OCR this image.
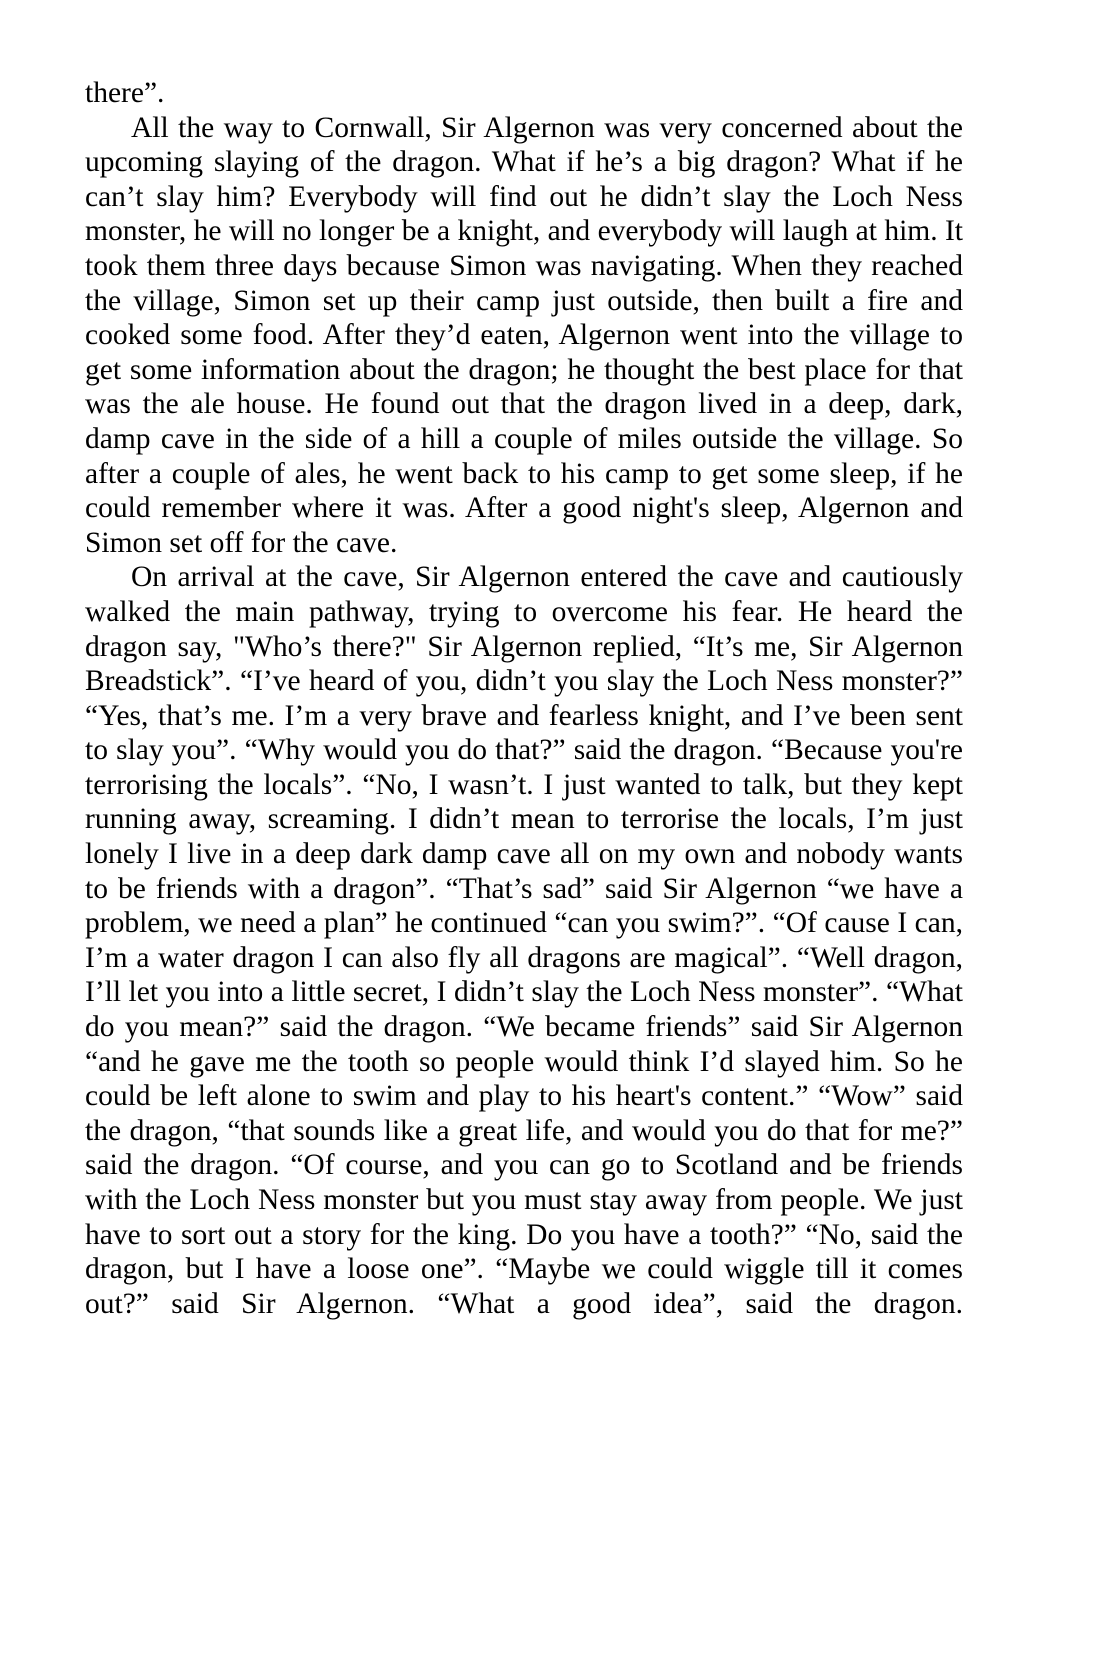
there”.

All the way to Cornwall, Sir Algernon was very concerned about the upcoming slaying of the dragon. What if he’s a big dragon? What if he can’t slay him? Everybody will find out he didn’t slay the Loch Ness monster, he will no longer be a knight, and everybody will laugh at him. It took them three days because Simon was navigating. When they reached the village, Simon set up their camp just outside, then built a fire and cooked some food. After they’d eaten, Algernon went into the village to get some information about the dragon; he thought the best place for that was the ale house. He found out that the dragon lived in a deep, dark, damp cave in the side of a hill a couple of miles outside the village. So after a couple of ales, he went back to his camp to get some sleep, if he could remember where it was. After a good night's sleep, Algernon and Simon set off for the cave.

On arrival at the cave, Sir Algernon entered the cave and cautiously walked the main pathway, trying to overcome his fear. He heard the dragon say, "Who’s there?" Sir Algernon replied, “It’s me, Sir Algernon Breadstick”. “I’ve heard of you, didn’t you slay the Loch Ness monster?” “Yes, that’s me. I’m a very brave and fearless knight, and I’ve been sent to slay you”. “Why would you do that?” said the dragon. “Because you're terrorising the locals”. “No, I wasn’t. I just wanted to talk, but they kept running away, screaming. I didn’t mean to terrorise the locals, I’m just lonely I live in a deep dark damp cave all on my own and nobody wants to be friends with a dragon”. “That’s sad” said Sir Algernon “we have a problem, we need a plan” he continued “can you swim?”. “Of cause I can, I’m a water dragon I can also fly all dragons are magical”. “Well dragon, I’ll let you into a little secret, I didn’t slay the Loch Ness monster”. “What do you mean?” said the dragon. “We became friends” said Sir Algernon “and he gave me the tooth so people would think I’d slayed him. So he could be left alone to swim and play to his heart's content.” “Wow” said the dragon, “that sounds like a great life, and would you do that for me?” said the dragon. “Of course, and you can go to Scotland and be friends with the Loch Ness monster but you must stay away from people. We just have to sort out a story for the king. Do you have a tooth?” “No, said the dragon, but I have a loose one”. “Maybe we could wiggle till it comes out?” said Sir Algernon. “What a good idea”, said the dragon.
